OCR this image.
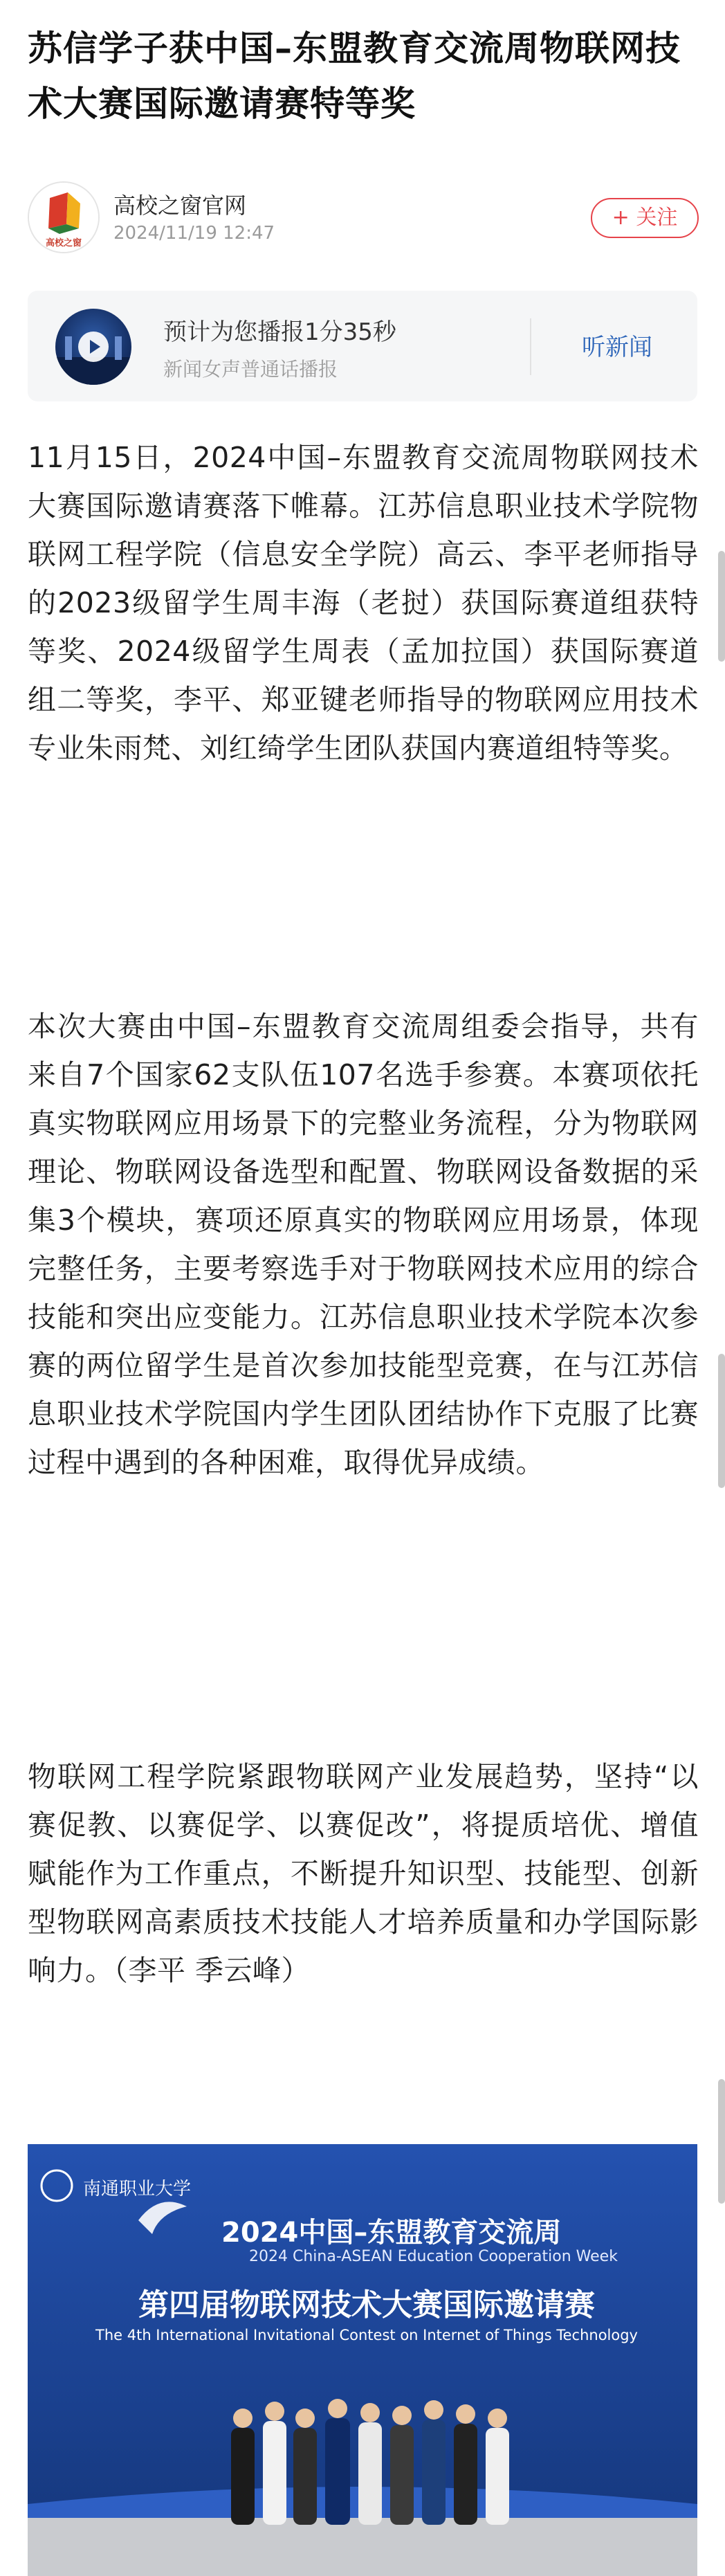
苏信学子获中国–东盟教育交流周物联网技术大赛国际邀请赛特等奖
高校之窗
高校之窗官网
2024/11/19 12:47
+ 关注
预计为您播报1分35秒
新闻女声普通话播报
听新闻

11月15日，2024中国–东盟教育交流周物联网技术大赛国际邀请赛落下帷幕。江苏信息职业技术学院物联网工程学院（信息安全学院）高云、李平老师指导的2023级留学生周丰海（老挝）获国际赛道组获特等奖、2024级留学生周表（孟加拉国）获国际赛道组二等奖，李平、郑亚键老师指导的物联网应用技术专业朱雨梵、刘红绮学生团队获国内赛道组特等奖。

本次大赛由中国–东盟教育交流周组委会指导，共有来自7个国家62支队伍107名选手参赛。本赛项依托真实物联网应用场景下的完整业务流程，分为物联网理论、物联网设备选型和配置、物联网设备数据的采集3个模块，赛项还原真实的物联网应用场景，体现完整任务，主要考察选手对于物联网技术应用的综合技能和突出应变能力。江苏信息职业技术学院本次参赛的两位留学生是首次参加技能型竞赛，在与江苏信息职业技术学院国内学生团队团结协作下克服了比赛过程中遇到的各种困难，取得优异成绩。

物联网工程学院紧跟物联网产业发展趋势，坚持“以赛促教、以赛促学、以赛促改”，将提质培优、增值赋能作为工作重点，不断提升知识型、技能型、创新型物联网高素质技术技能人才培养质量和办学国际影响力。（李平 季云峰）

南通职业大学
2024中国–东盟教育交流周
2024 China-ASEAN Education Cooperation Week
第四届物联网技术大赛国际邀请赛
The 4th International Invitational Contest on Internet of Things Technology
